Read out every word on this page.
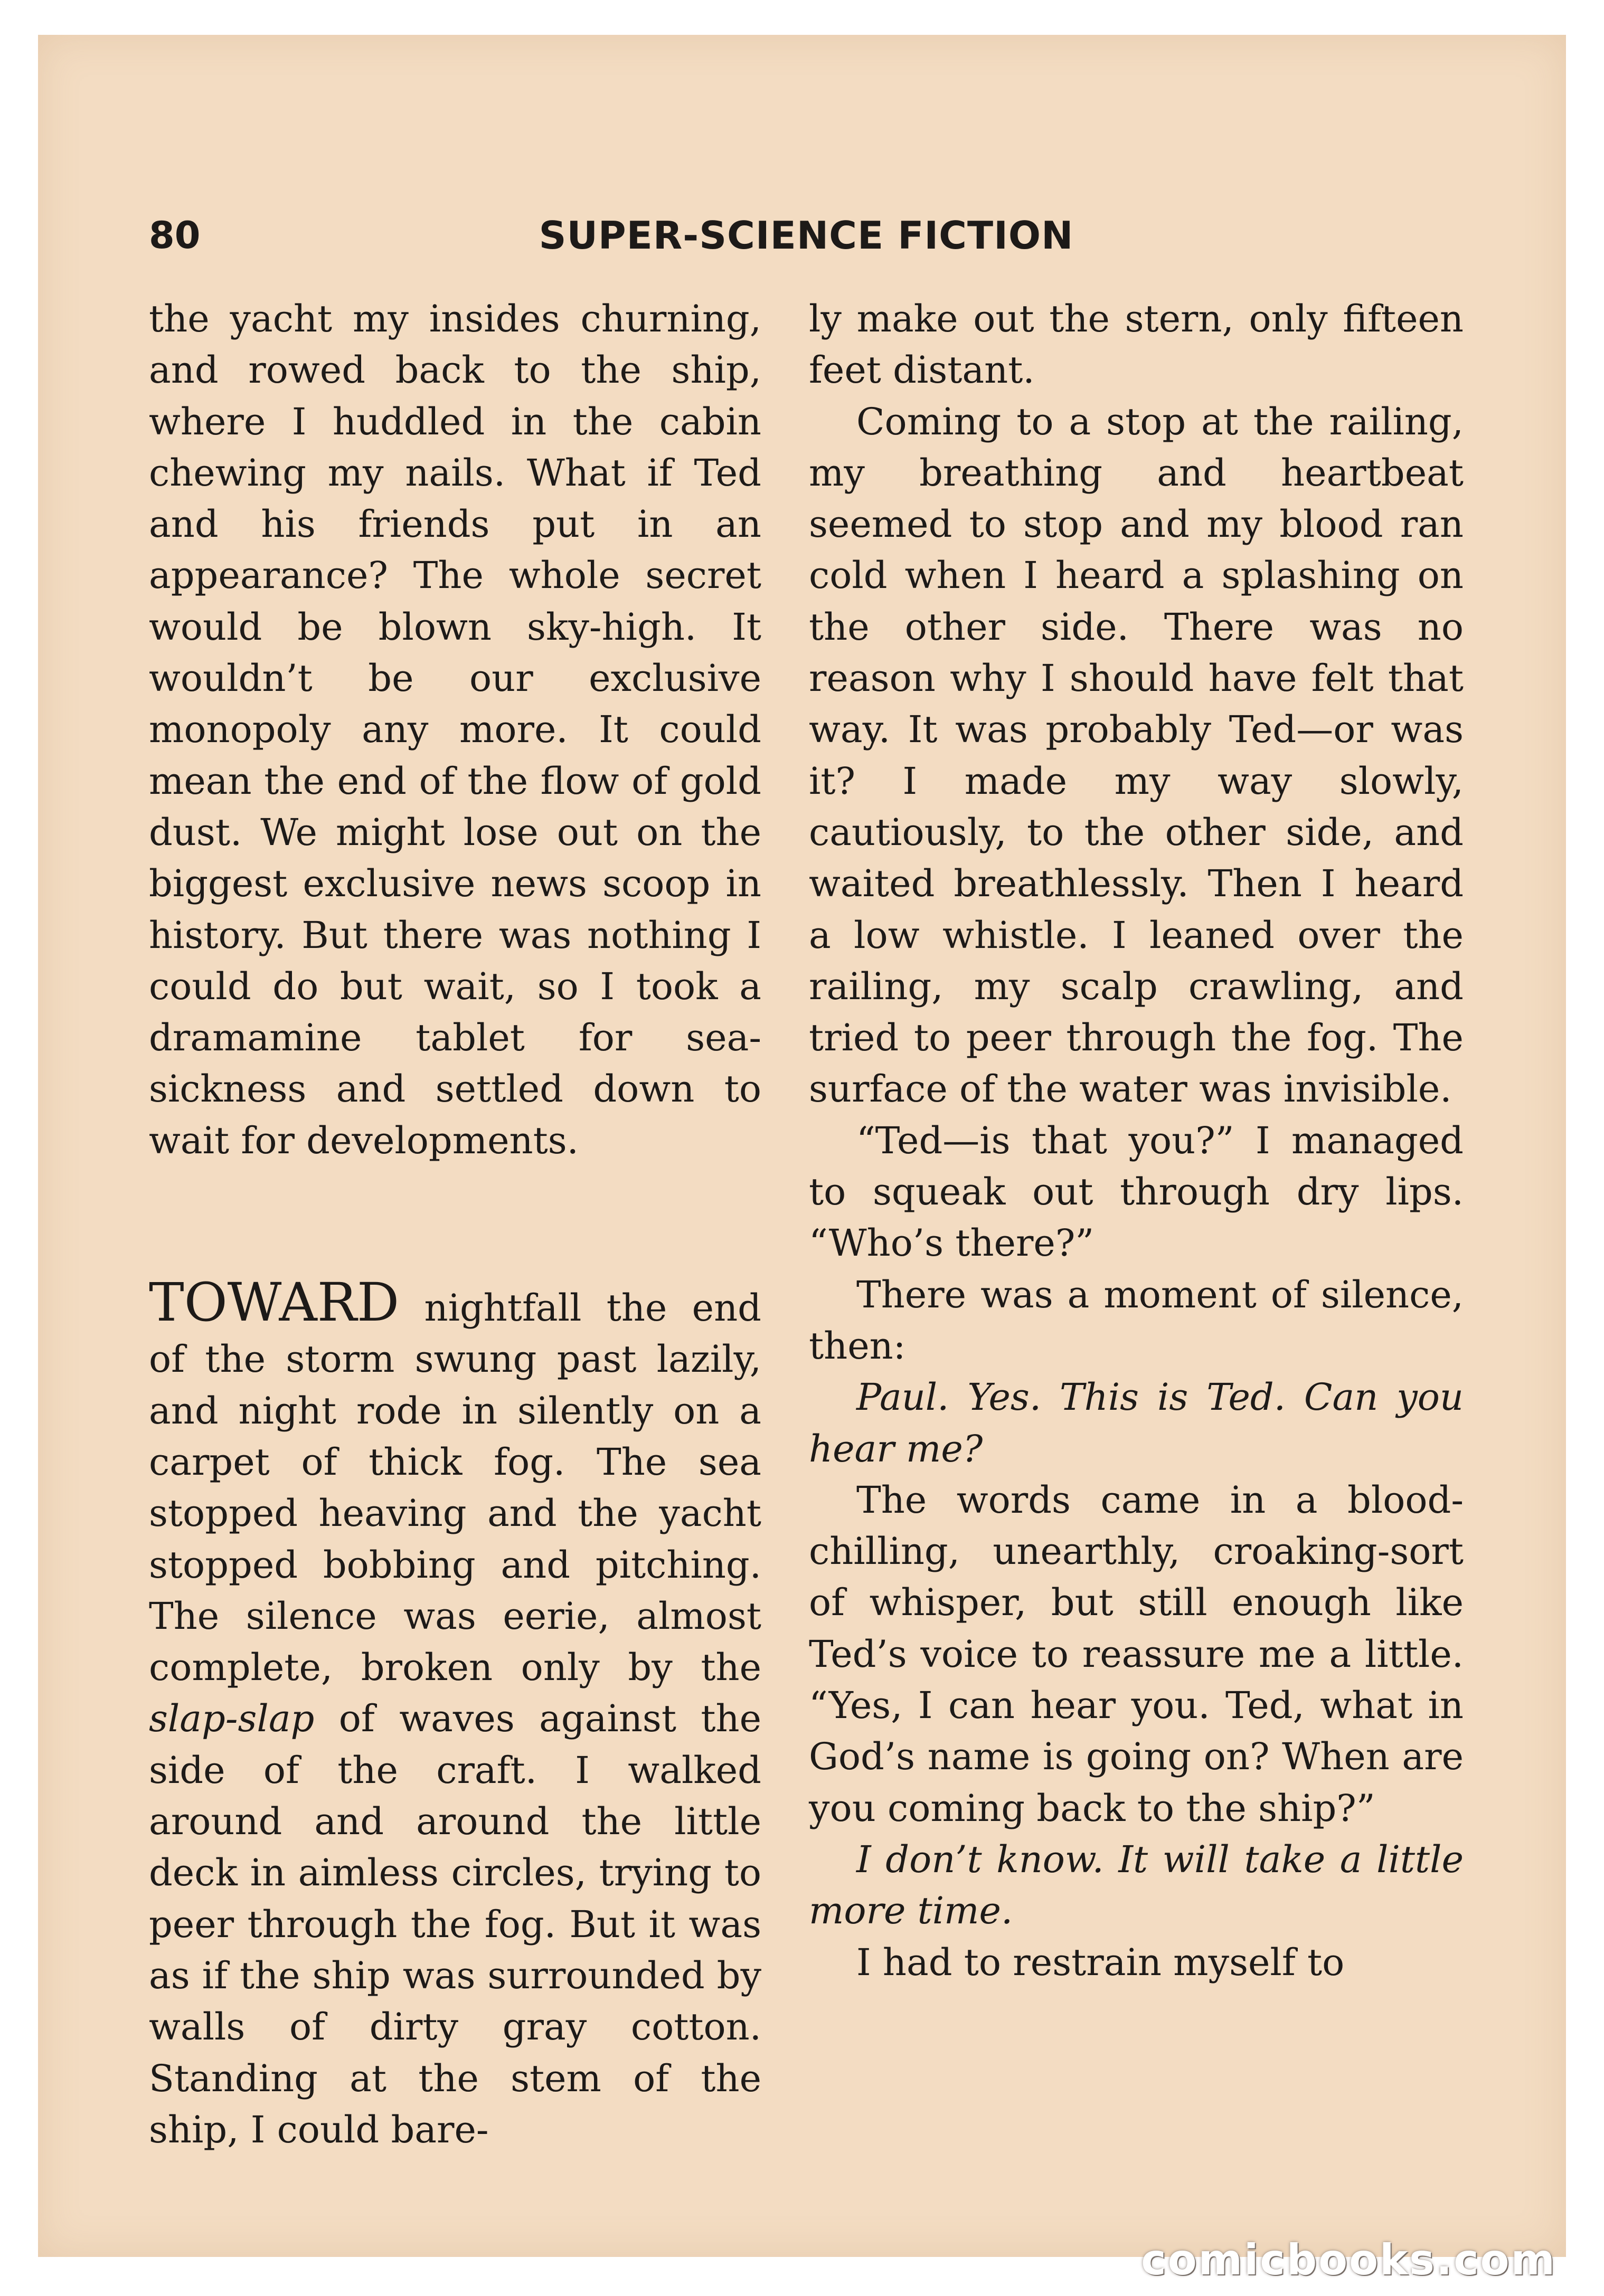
80	SUPER-SCIENCE FICTION

the yacht my insides churning, and rowed back to the ship, where I huddled in the cabin chewing my nails. What if Ted and his friends put in an appearance? The whole secret would be blown sky-high. It wouldn’t be our exclusive monopoly any more. It could mean the end of the flow of gold dust. We might lose out on the biggest exclusive news scoop in history. But there was nothing I could do but wait, so I took a dramamine tablet for sea-sickness and settled down to wait for developments.

TOWARD nightfall the end of the storm swung past lazily, and night rode in silently on a carpet of thick fog. The sea stopped heaving and the yacht stopped bobbing and pitching. The silence was eerie, almost complete, broken only by the slap-slap of waves against the side of the craft. I walked around and around the little deck in aimless circles, trying to peer through the fog. But it was as if the ship was surrounded by walls of dirty gray cotton. Standing at the stem of the ship, I could bare-

ly make out the stern, only fifteen feet distant.

Coming to a stop at the railing, my breathing and heartbeat seemed to stop and my blood ran cold when I heard a splashing on the other side. There was no reason why I should have felt that way. It was probably Ted—or was it? I made my way slowly, cautiously, to the other side, and waited breathlessly. Then I heard a low whistle. I leaned over the railing, my scalp crawling, and tried to peer through the fog. The surface of the water was invisible.

“Ted—is that you?” I managed to squeak out through dry lips. “Who’s there?”

There was a moment of silence, then:

Paul. Yes. This is Ted. Can you hear me?

The words came in a blood-chilling, unearthly, croaking-sort of whisper, but still enough like Ted’s voice to reassure me a little. “Yes, I can hear you. Ted, what in God’s name is going on? When are you coming back to the ship?”

I don’t know. It will take a little more time.

I had to restrain myself to

comicbooks.com
